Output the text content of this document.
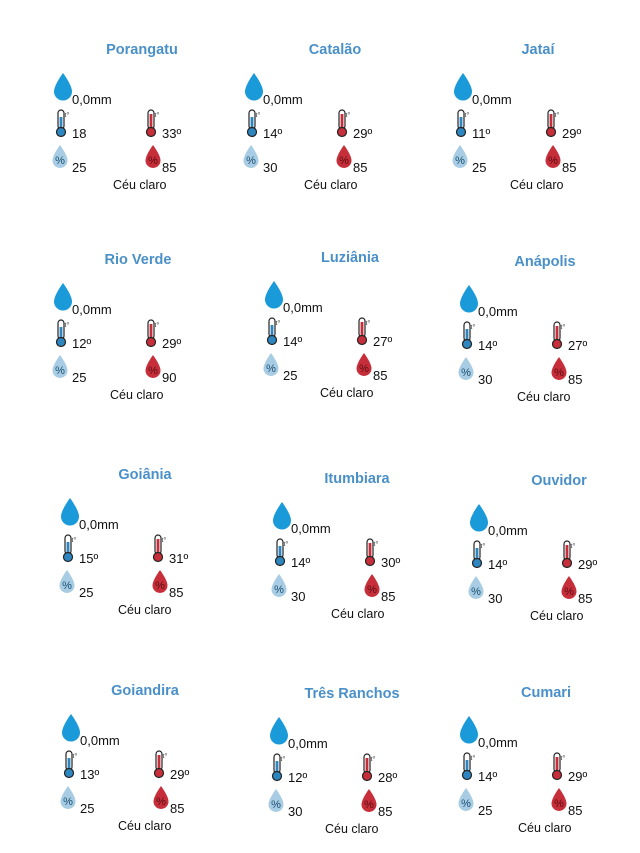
Porangatu
0,0mm
t°
18
t°
33º
% 25	% 85
Céu claro
Catalão
0,0mm
t°
14º
t°
29º
% 30	% 85
Céu claro
Jataí
0,0mm
t°
11º
t°
29º
% 25	% 85
Céu claro
Rio Verde
0,0mm
t°
12º
t°
29º
% 25	% 90
Céu claro
Luziânia
0,0mm
t°
14º
t°
27º
% 25	% 85
Céu claro
Anápolis
0,0mm
t°
14º
t°
27º
% 30	% 85
Céu claro
Goiânia
0,0mm
t°
15º
t°
31º
% 25	% 85
Céu claro
Itumbiara
0,0mm
t°
14º
t°
30º
% 30	% 85
Céu claro
Ouvidor
0,0mm
t°
14º
t°
29º
% 30	% 85
Céu claro
Goiandira
0,0mm
t°
13º
t°
29º
% 25	% 85
Céu claro
Três Ranchos
0,0mm
t°
12º
t°
28º
% 30	% 85
Céu claro
Cumari
0,0mm
t°
14º
t°
29º
% 25	% 85
Céu claro
